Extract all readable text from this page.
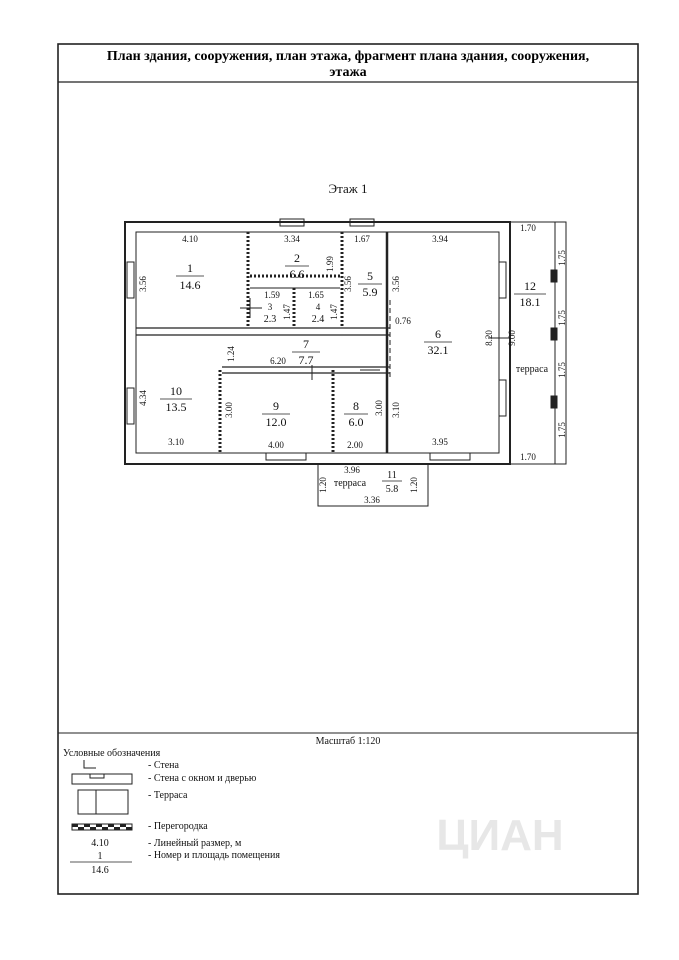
План здания, сооружения, план этажа, фрагмент плана здания, сооружения,
этажа
Этаж 1
1
14.6
2
6.6
3
2.3
4
2.4
5
5.9
6
32.1
7
7.7
8
6.0
9
12.0
10
13.5
11
5.8
12
18.1
4.10	3.34	1.67	3.94
3.56
1.99
3.56	3.56
1.59	1.65
1.47	1.47
0.76
1.24	6.20
8.20 9.00
4.34
3.00	3.00
3.10
3.10
4.00	2.00	3.95
3.96
1.20	1.20
3.36
1.70
1.70
1.75
1.75
1.75
1.75
терраса
терраса
Масштаб 1:120
Условные обозначения
- Стена
- Стена с окном и дверью
- Терраса
- Перегородка
4.10	- Линейный размер, м
1
14.6
- Номер и площадь помещения	ЦИАН
